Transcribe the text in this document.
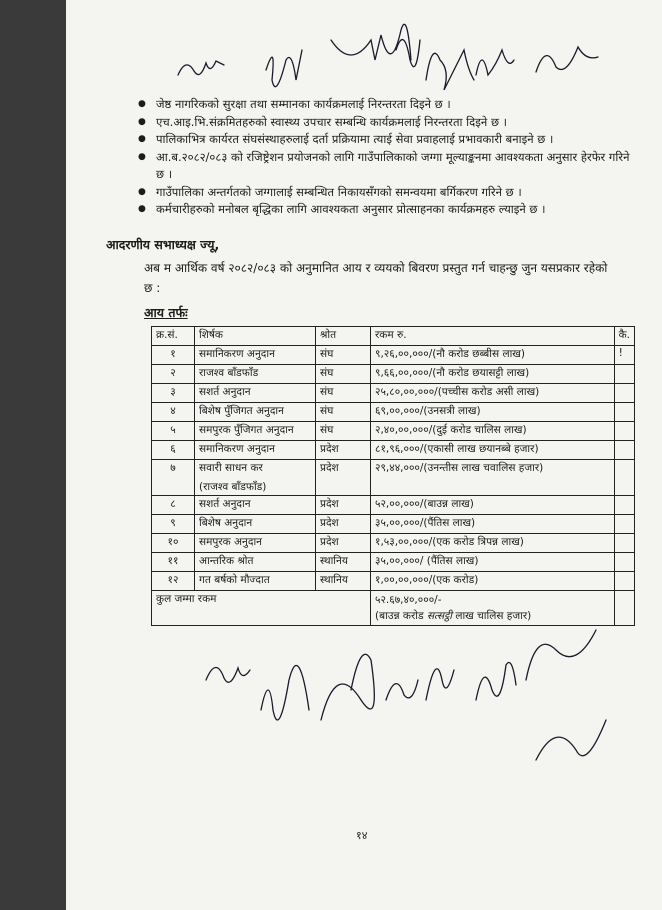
● जेष्ठ नागरिकको सुरक्षा तथा सम्मानका कार्यक्रमलाई निरन्तरता दिइने छ ।
● एच.आइ.भि.संक्रमितहरुको स्वास्थ्य उपचार सम्बन्धि कार्यक्रमलाई निरन्तरता दिइने छ ।
● पालिकाभित्र कार्यरत संघसंस्थाहरुलाई दर्ता प्रक्रियामा त्याई सेवा प्रवाहलाई प्रभावकारी बनाइने छ ।
● आ.ब.२०८२/०८३ को रजिष्ट्रेशन प्रयोजनको लागि गाउँपालिकाको जग्गा मूल्याङ्कनमा आवश्यकता अनुसार हेरफेर गरिने छ ।
● गाउँपालिका अन्तर्गतको जग्गालाई सम्बन्धित निकायसँगको समन्वयमा बर्गिकरण गरिने छ ।
● कर्मचारीहरुको मनोबल बृद्धिका लागि आवश्यकता अनुसार प्रोत्साहनका कार्यक्रमहरु ल्याइने छ ।
आदरणीय सभाध्यक्ष ज्यू,
अब म आर्थिक वर्ष २०८२/०८३ को अनुमानित आय र व्ययको बिवरण प्रस्तुत गर्न चाहन्छु जुन यसप्रकार रहेको छ :
आय तर्फः
क्र.सं.	शिर्षक	श्रोत	रकम रु.	कै.
१	समानिकरण अनुदान	संघ	९,२६,००,०००/(नौ करोड छब्बीस लाख)	!
२	राजश्व बाँडफाँड	संघ	९,६६,००,०००/(नौ करोड छयासट्टी लाख)	
३	सशर्त अनुदान	संघ	२५,८०,००,०००/(पच्चीस करोड असी लाख)	
४	बिशेष पुँजिगत अनुदान	संघ	६९,००,०००/(उनसत्री लाख)	
५	समपुरक पुँजिगत अनुदान	संघ	२,४०,००,०००/(दुई करोड चालिस लाख)	
६	समानिकरण अनुदान	प्रदेश	८१,९६,०००/(एकासी लाख छयानब्बे हजार)	
७	सवारी साधन कर
(राजश्व बाँडफाँड)	प्रदेश	२९,४४,०००/(उनन्तीस लाख चवालिस हजार)	
८	सशर्त अनुदान	प्रदेश	५२,००,०००/(बाउन्न लाख)	
९	बिशेष अनुदान	प्रदेश	३५,००,०००/(पैंतिस लाख)	
१०	समपुरक अनुदान	प्रदेश	१,५३,००,०००/(एक करोड त्रिपन्न लाख)	
११	आन्तरिक श्रोत	स्थानिय	३५,००,०००/ (पैंतिस लाख)	
१२	गत बर्षको मौज्दात	स्थानिय	१,००,००,०००/(एक करोड)	
कुल जम्मा रकम			५२.६७,४०,०००/-
(बाउन्न करोड सत्सट्ठी लाख चालिस हजार)	

१४
